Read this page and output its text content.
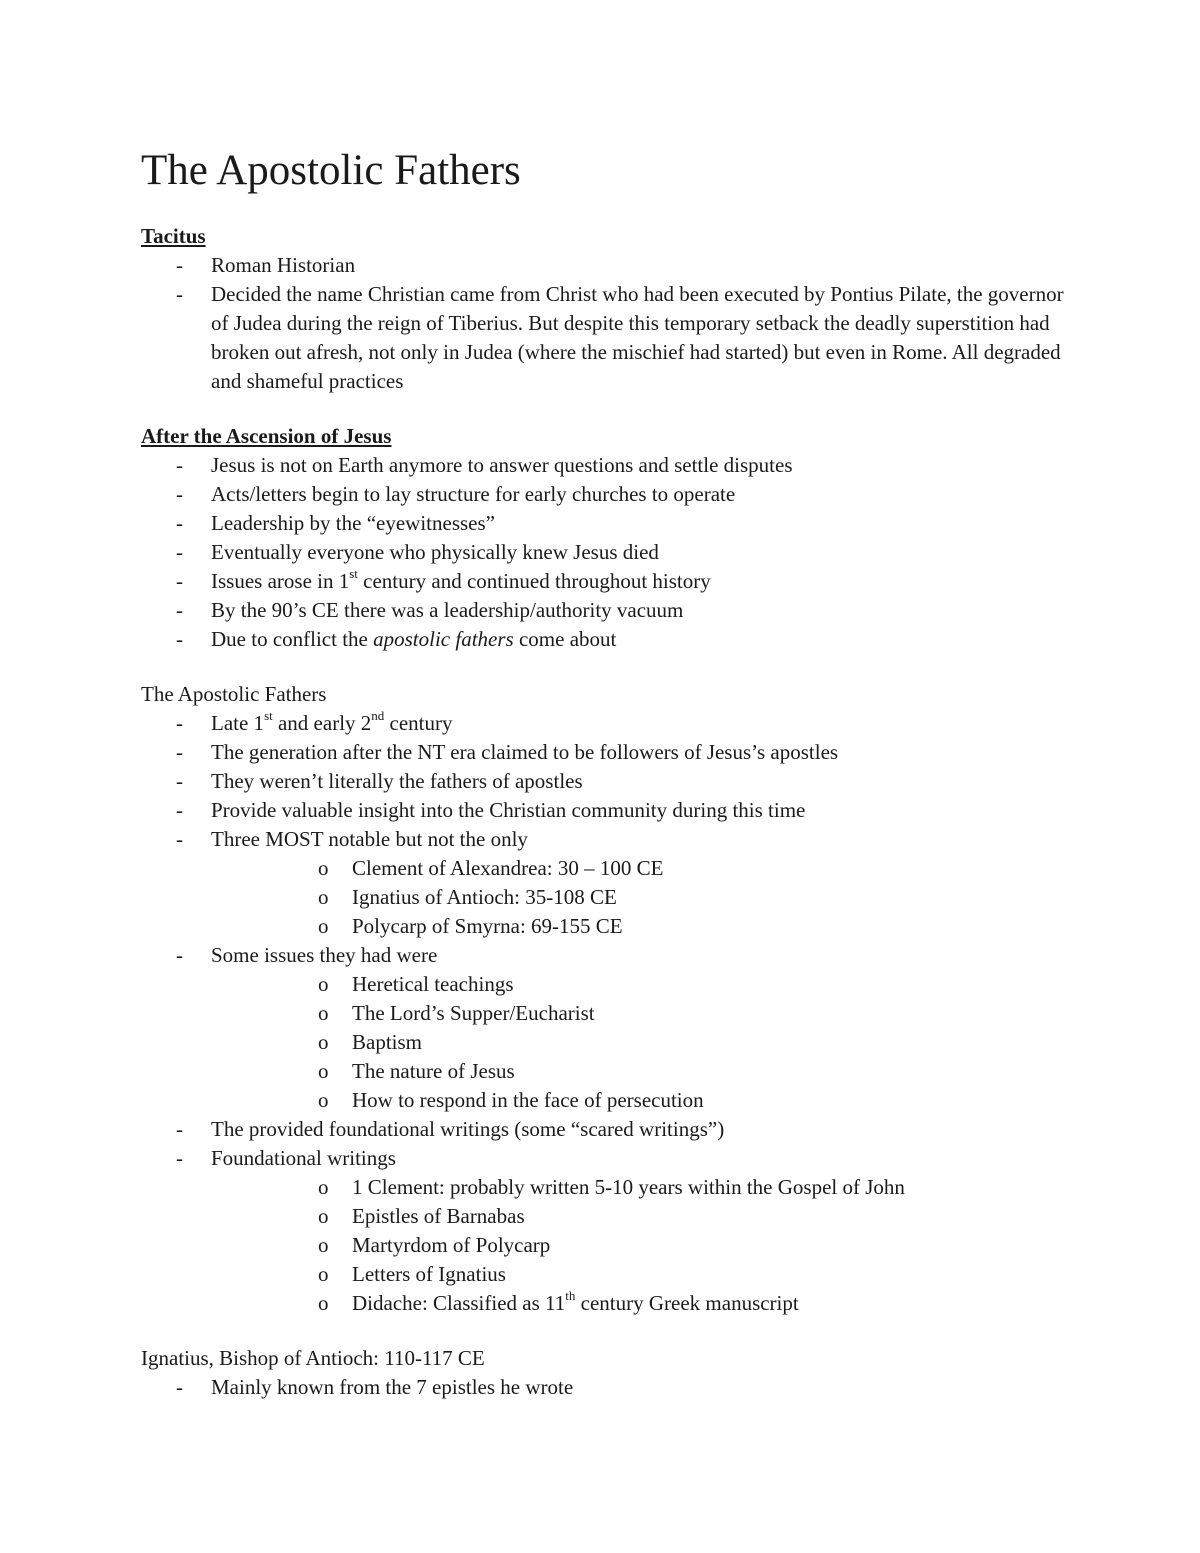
The Apostolic Fathers

Tacitus

- Roman Historian
- Decided the name Christian came from Christ who had been executed by Pontius Pilate, the governor of Judea during the reign of Tiberius. But despite this temporary setback the deadly superstition had broken out afresh, not only in Judea (where the mischief had started) but even in Rome. All degraded and shameful practices

After the Ascension of Jesus

- Jesus is not on Earth anymore to answer questions and settle disputes
- Acts/letters begin to lay structure for early churches to operate
- Leadership by the “eyewitnesses”
- Eventually everyone who physically knew Jesus died
- Issues arose in 1st century and continued throughout history
- By the 90’s CE there was a leadership/authority vacuum
- Due to conflict the apostolic fathers come about

The Apostolic Fathers

- Late 1st and early 2nd century
- The generation after the NT era claimed to be followers of Jesus’s apostles
- They weren’t literally the fathers of apostles
- Provide valuable insight into the Christian community during this time
- Three MOST notable but not the only
o Clement of Alexandrea: 30 – 100 CE
o Ignatius of Antioch: 35-108 CE
o Polycarp of Smyrna: 69-155 CE
- Some issues they had were
o Heretical teachings
o The Lord’s Supper/Eucharist
o Baptism
o The nature of Jesus
o How to respond in the face of persecution
- The provided foundational writings (some “scared writings”)
- Foundational writings
o 1 Clement: probably written 5-10 years within the Gospel of John
o Epistles of Barnabas
o Martyrdom of Polycarp
o Letters of Ignatius
o Didache: Classified as 11th century Greek manuscript

Ignatius, Bishop of Antioch: 110-117 CE

- Mainly known from the 7 epistles he wrote
